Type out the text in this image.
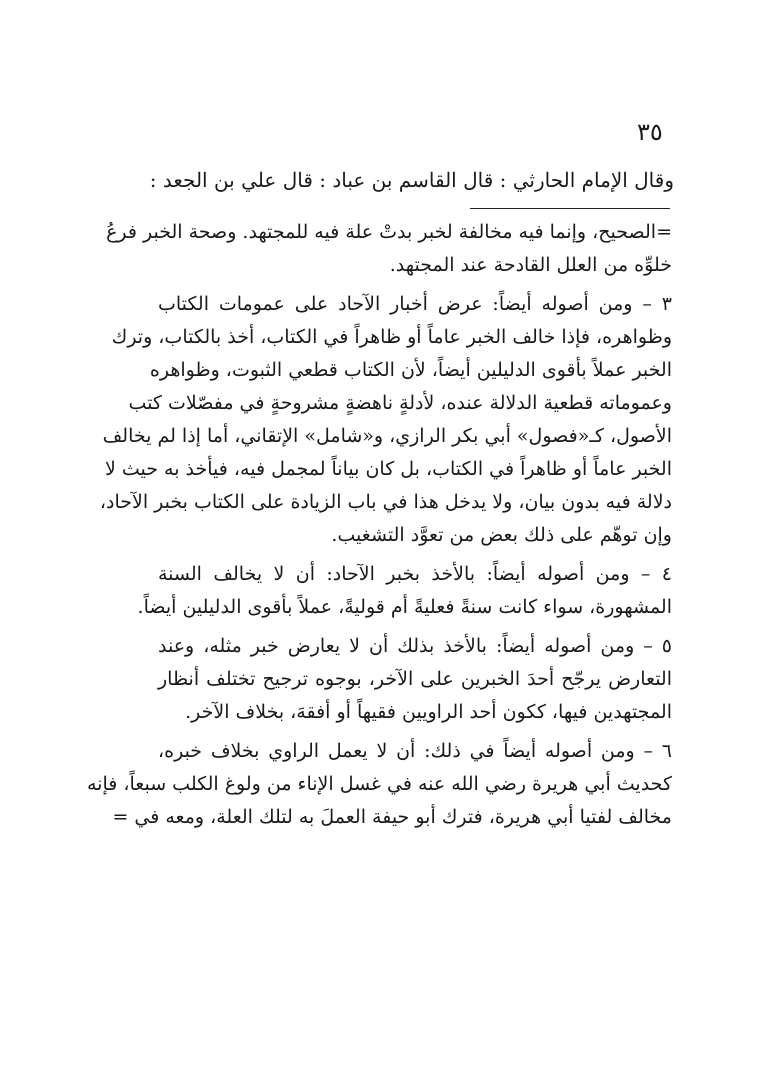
٣٥
وقال الإمام الحارثي : قال القاسم بن عباد : قال علي بن الجعد :
=الصحيح، وإنما فيه مخالفة لخبر بدتْ علة فيه للمجتهد. وصحة الخبر فرعُ
خلوِّه من العلل القادحة عند المجتهد.
٣ – ومن أصوله أيضاً: عرض أخبار الآحاد على عمومات الكتاب
وظواهره، فإذا خالف الخبر عاماً أو ظاهراً في الكتاب، أخذ بالكتاب، وترك
الخبر عملاً بأقوى الدليلين أيضاً، لأن الكتاب قطعي الثبوت، وظواهره
وعموماته قطعية الدلالة عنده، لأدلةٍ ناهضةٍ مشروحةٍ في مفصّلات كتب
الأصول، كـ«فصول» أبي بكر الرازي، و«شامل» الإتقاني، أما إذا لم يخالف
الخبر عاماً أو ظاهراً في الكتاب، بل كان بياناً لمجمل فيه، فيأخذ به حيث لا
دلالة فيه بدون بيان، ولا يدخل هذا في باب الزيادة على الكتاب بخبر الآحاد،
وإن توهّم على ذلك بعض من تعوَّد التشغيب.
٤ – ومن أصوله أيضاً: بالأخذ بخبر الآحاد: أن لا يخالف السنة
المشهورة، سواء كانت سنةً فعليةً أم قوليةً، عملاً بأقوى الدليلين أيضاً.
٥ – ومن أصوله أيضاً: بالأخذ بذلك أن لا يعارض خبر مثله، وعند
التعارض يرجّح أحدَ الخبرين على الآخر، بوجوه ترجيح تختلف أنظار
المجتهدين فيها، ككون أحد الراويين فقيهاً أو أفقهَ، بخلاف الآخر.
٦ – ومن أصوله أيضاً في ذلك: أن لا يعمل الراوي بخلاف خبره،
كحديث أبي هريرة رضي الله عنه في غسل الإناء من ولوغ الكلب سبعاً، فإنه
مخالف لفتيا أبي هريرة، فترك أبو حيفة العملَ به لتلك العلة، ومعه في =
